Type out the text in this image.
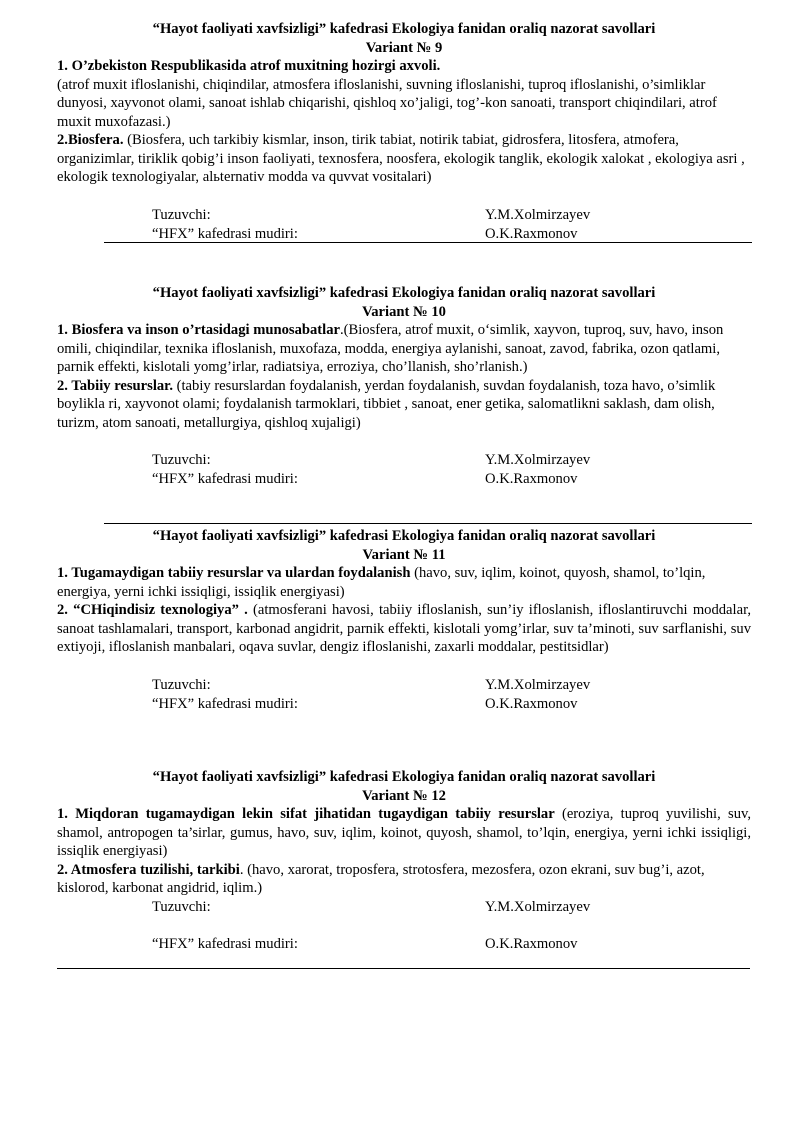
“Hayot faoliyati xavfsizligi” kafedrasi Ekologiya fanidan oraliq nazorat savollari

Variant № 9

1. O’zbekiston Respublikasida atrof muxitning hozirgi axvoli.
(atrof muxit ifloslanishi, chiqindilar, atmosfera ifloslanishi, suvning ifloslanishi, tuproq ifloslanishi, o’simliklar dunyosi, xayvonot olami, sanoat ishlab chiqarishi, qishloq xo’jaligi, tog’-kon sanoati, transport chiqindilari, atrof muxit muxofazasi.)

2.Biosfera. (Biosfera, uch tarkibiy kismlar, inson, tirik tabiat, notirik tabiat, gidrosfera, litosfera, atmofera, organizimlar, tiriklik qobig’i inson faoliyati, texnosfera, noosfera, ekologik tanglik, ekologik xalokat , ekologiya asri , ekologik texnologiyalar, alьternativ modda va quvvat vositalari)

Tuzuvchi:	Y.M.Xolmirzayev
“HFX” kafedrasi mudiri:	O.K.Raxmonov

“Hayot faoliyati xavfsizligi” kafedrasi Ekologiya fanidan oraliq nazorat savollari

Variant № 10

1. Biosfera va inson o’rtasidagi munosabatlar.(Biosfera, atrof muxit, o‘simlik, xayvon, tuproq, suv, havo, inson omili, chiqindilar, texnika ifloslanish, muxofaza, modda, energiya aylanishi, sanoat, zavod, fabrika, ozon qatlami, parnik effekti, kislotali yomg’irlar, radiatsiya, erroziya, cho’llanish, sho’rlanish.)

2. Tabiiy resurslar. (tabiy resurslardan foydalanish, yerdan foydalanish, suvdan foydalanish, toza havo, o’simlik boylikla ri, xayvonot olami; foydalanish tarmoklari, tibbiet , sanoat, ener getika, salomatlikni saklash, dam olish, turizm, atom sanoati, metallurgiya, qishloq xujaligi)

Tuzuvchi:	Y.M.Xolmirzayev
“HFX” kafedrasi mudiri:	O.K.Raxmonov

“Hayot faoliyati xavfsizligi” kafedrasi Ekologiya fanidan oraliq nazorat savollari

Variant № 11

1. Tugamaydigan tabiiy resurslar va ulardan foydalanish (havo, suv, iqlim, koinot, quyosh, shamol, to’lqin, energiya, yerni ichki issiqligi, issiqlik energiyasi)

2. “CHiqindisiz texnologiya” . (atmosferani havosi, tabiiy ifloslanish, sun’iy ifloslanish, ifloslantiruvchi moddalar, sanoat tashlamalari, transport, karbonad angidrit, parnik effekti, kislotali yomg’irlar, suv ta’minoti, suv sarflanishi, suv extiyoji, ifloslanish manbalari, oqava suvlar, dengiz ifloslanishi, zaxarli moddalar, pestitsidlar)

Tuzuvchi:	Y.M.Xolmirzayev
“HFX” kafedrasi mudiri:	O.K.Raxmonov

“Hayot faoliyati xavfsizligi” kafedrasi Ekologiya fanidan oraliq nazorat savollari

Variant № 12

1. Miqdoran tugamaydigan lekin sifat jihatidan tugaydigan tabiiy resurslar (eroziya, tuproq yuvilishi, suv, shamol, antropogen ta’sirlar, gumus, havo, suv, iqlim, koinot, quyosh, shamol, to’lqin, energiya, yerni ichki issiqligi, issiqlik energiyasi)

2. Atmosfera tuzilishi, tarkibi. (havo, xarorat, troposfera, strotosfera, mezosfera, ozon ekrani, suv bug’i, azot, kislorod, karbonat angidrid, iqlim.)

Tuzuvchi:	Y.M.Xolmirzayev
“HFX” kafedrasi mudiri:	O.K.Raxmonov
